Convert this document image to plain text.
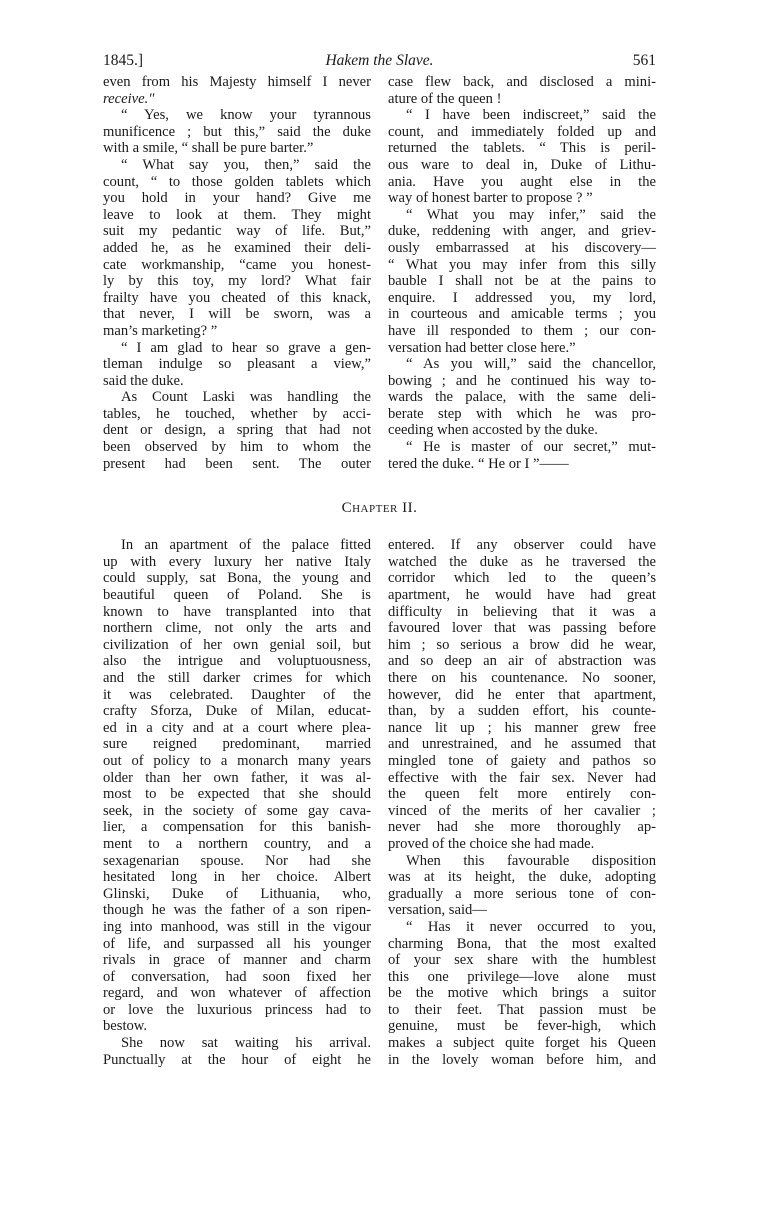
1845.]	Hakem the Slave.	561

even from his Majesty himself I never
receive."

“ Yes, we know your tyrannous
munificence ; but this,” said the duke
with a smile, “ shall be pure barter.”

“ What say you, then,” said the
count, “ to those golden tablets which
you hold in your hand? Give me
leave to look at them. They might
suit my pedantic way of life. But,”
added he, as he examined their deli-
cate workmanship, “came you honest-
ly by this toy, my lord? What fair
frailty have you cheated of this knack,
that never, I will be sworn, was a
man’s marketing? ”

“ I am glad to hear so grave a gen-
tleman indulge so pleasant a view,”
said the duke.

As Count Laski was handling the
tables, he touched, whether by acci-
dent or design, a spring that had not
been observed by him to whom the
present had been sent. The outer

case flew back, and disclosed a mini-
ature of the queen !

“ I have been indiscreet,” said the
count, and immediately folded up and
returned the tablets. “ This is peril-
ous ware to deal in, Duke of Lithu-
ania. Have you aught else in the
way of honest barter to propose ? ”

“ What you may infer,” said the
duke, reddening with anger, and griev-
ously embarrassed at his discovery—
“ What you may infer from this silly
bauble I shall not be at the pains to
enquire. I addressed you, my lord,
in courteous and amicable terms ; you
have ill responded to them ; our con-
versation had better close here.”

“ As you will,” said the chancellor,
bowing ; and he continued his way to-
wards the palace, with the same deli-
berate step with which he was pro-
ceeding when accosted by the duke.

“ He is master of our secret,” mut-
tered the duke. “ He or I ”——

Chapter II.

In an apartment of the palace fitted
up with every luxury her native Italy
could supply, sat Bona, the young and
beautiful queen of Poland. She is
known to have transplanted into that
northern clime, not only the arts and
civilization of her own genial soil, but
also the intrigue and voluptuousness,
and the still darker crimes for which
it was celebrated. Daughter of the
crafty Sforza, Duke of Milan, educat-
ed in a city and at a court where plea-
sure reigned predominant, married
out of policy to a monarch many years
older than her own father, it was al-
most to be expected that she should
seek, in the society of some gay cava-
lier, a compensation for this banish-
ment to a northern country, and a
sexagenarian spouse. Nor had she
hesitated long in her choice. Albert
Glinski, Duke of Lithuania, who,
though he was the father of a son ripen-
ing into manhood, was still in the vigour
of life, and surpassed all his younger
rivals in grace of manner and charm
of conversation, had soon fixed her
regard, and won whatever of affection
or love the luxurious princess had to
bestow.

She now sat waiting his arrival.
Punctually at the hour of eight he

entered. If any observer could have
watched the duke as he traversed the
corridor which led to the queen’s
apartment, he would have had great
difficulty in believing that it was a
favoured lover that was passing before
him ; so serious a brow did he wear,
and so deep an air of abstraction was
there on his countenance. No sooner,
however, did he enter that apartment,
than, by a sudden effort, his counte-
nance lit up ; his manner grew free
and unrestrained, and he assumed that
mingled tone of gaiety and pathos so
effective with the fair sex. Never had
the queen felt more entirely con-
vinced of the merits of her cavalier ;
never had she more thoroughly ap-
proved of the choice she had made.

When this favourable disposition
was at its height, the duke, adopting
gradually a more serious tone of con-
versation, said—

“ Has it never occurred to you,
charming Bona, that the most exalted
of your sex share with the humblest
this one privilege—love alone must
be the motive which brings a suitor
to their feet. That passion must be
genuine, must be fever-high, which
makes a subject quite forget his Queen
in the lovely woman before him, and
